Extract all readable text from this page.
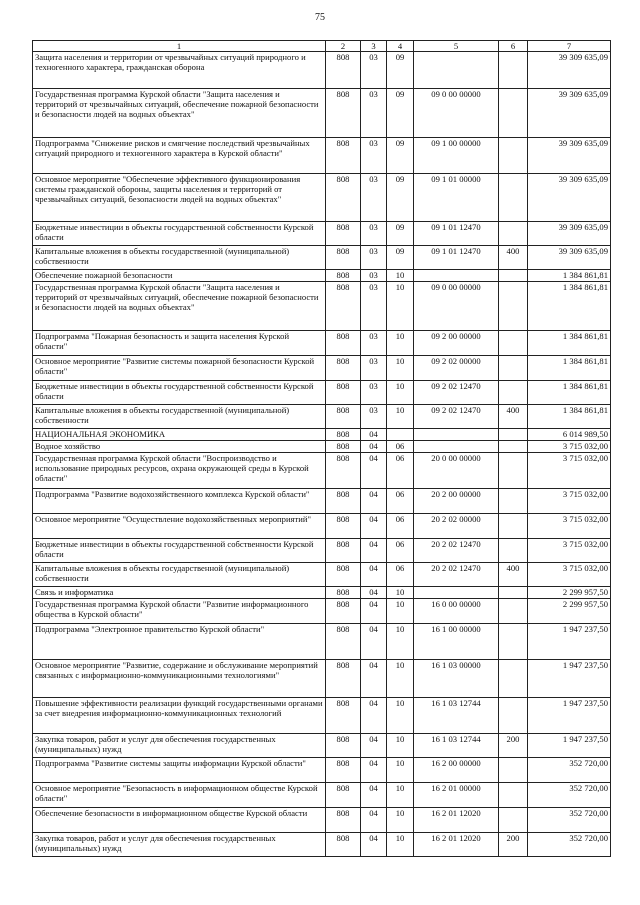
75
1	2	3	4	5	6	7
Защита населения и территории от чрезвычайных ситуаций природного и техногенного характера, гражданская оборона	808	03	09			39 309 635,09
Государственная программа Курской области "Защита населения и территорий от чрезвычайных ситуаций, обеспечение пожарной безопасности и безопасности людей на водных объектах"	808	03	09	09 0 00 00000		39 309 635,09
Подпрограмма "Снижение рисков и смягчение последствий чрезвычайных ситуаций природного и техногенного характера в Курской области"	808	03	09	09 1 00 00000		39 309 635,09
Основное мероприятие "Обеспечение эффективного функционирования системы гражданской обороны, защиты населения и территорий от чрезвычайных ситуаций, безопасности людей на водных объектах"	808	03	09	09 1 01 00000		39 309 635,09
Бюджетные инвестиции в объекты государственной собственности Курской области	808	03	09	09 1 01 12470		39 309 635,09
Капитальные вложения в объекты государственной (муниципальной) собственности	808	03	09	09 1 01 12470	400	39 309 635,09
Обеспечение пожарной безопасности	808	03	10			1 384 861,81
Государственная программа Курской области "Защита населения и территорий от чрезвычайных ситуаций, обеспечение пожарной безопасности и безопасности людей на водных объектах"	808	03	10	09 0 00 00000		1 384 861,81
Подпрограмма "Пожарная безопасность и защита населения Курской области"	808	03	10	09 2 00 00000		1 384 861,81
Основное мероприятие "Развитие системы пожарной безопасности Курской области"	808	03	10	09 2 02 00000		1 384 861,81
Бюджетные инвестиции в объекты государственной собственности Курской области	808	03	10	09 2 02 12470		1 384 861,81
Капитальные вложения в объекты государственной (муниципальной) собственности	808	03	10	09 2 02 12470	400	1 384 861,81
НАЦИОНАЛЬНАЯ ЭКОНОМИКА	808	04				6 014 989,50
Водное хозяйство	808	04	06			3 715 032,00
Государственная программа Курской области "Воспроизводство и использование природных ресурсов, охрана окружающей среды в Курской области"	808	04	06	20 0 00 00000		3 715 032,00
Подпрограмма "Развитие водохозяйственного комплекса Курской области"	808	04	06	20 2 00 00000		3 715 032,00
Основное мероприятие "Осуществление водохозяйственных мероприятий"	808	04	06	20 2 02 00000		3 715 032,00
Бюджетные инвестиции в объекты государственной собственности Курской области	808	04	06	20 2 02 12470		3 715 032,00
Капитальные вложения в объекты государственной (муниципальной) собственности	808	04	06	20 2 02 12470	400	3 715 032,00
Связь и информатика	808	04	10			2 299 957,50
Государственная программа Курской области "Развитие информационного общества в Курской области"	808	04	10	16 0 00 00000		2 299 957,50
Подпрограмма "Электронное правительство Курской области"	808	04	10	16 1 00 00000		1 947 237,50
Основное мероприятие "Развитие, содержание и обслуживание мероприятий связанных с информационно-коммуникационными технологиями"	808	04	10	16 1 03 00000		1 947 237,50
Повышение эффективности реализации функций государственными органами за счет внедрения информационно-коммуникационных технологий	808	04	10	16 1 03 12744		1 947 237,50
Закупка товаров, работ и услуг для обеспечения государственных (муниципальных) нужд	808	04	10	16 1 03 12744	200	1 947 237,50
Подпрограмма "Развитие системы защиты информации Курской области"	808	04	10	16 2 00 00000		352 720,00
Основное мероприятие "Безопасность в информационном обществе Курской области"	808	04	10	16 2 01 00000		352 720,00
Обеспечение безопасности в информационном обществе Курской области	808	04	10	16 2 01 12020		352 720,00
Закупка товаров, работ и услуг для обеспечения государственных (муниципальных) нужд	808	04	10	16 2 01 12020	200	352 720,00
